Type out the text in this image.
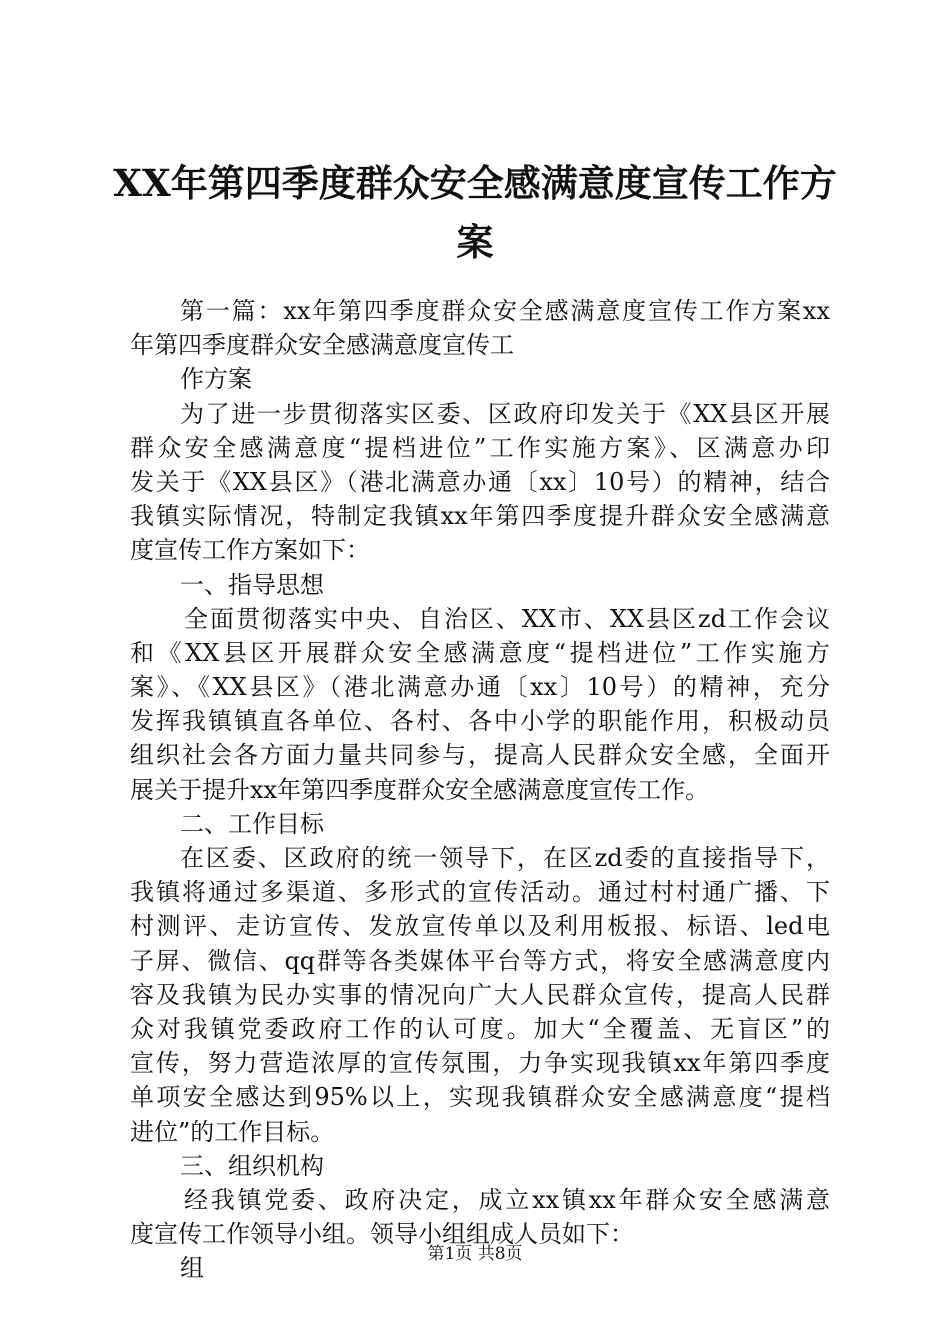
XX年第四季度群众安全感满意度宣传工作方
案
第一篇：xx年第四季度群众安全感满意度宣传工作方案xx
年第四季度群众安全感满意度宣传工
作方案
为了进一步贯彻落实区委、区政府印发关于《XX县区开展
群众安全感满意度“提档进位”工作实施方案》、区满意办印
发关于《XX县区》（港北满意办通〔xx〕10号）的精神，结合
我镇实际情况，特制定我镇xx年第四季度提升群众安全感满意
度宣传工作方案如下：
一、指导思想
全面贯彻落实中央、自治区、XX市、XX县区zd工作会议
和《XX县区开展群众安全感满意度“提档进位”工作实施方
案》、《XX县区》（港北满意办通〔xx〕10号）的精神，充分
发挥我镇镇直各单位、各村、各中小学的职能作用，积极动员
组织社会各方面力量共同参与，提高人民群众安全感，全面开
展关于提升xx年第四季度群众安全感满意度宣传工作。
二、工作目标
在区委、区政府的统一领导下，在区zd委的直接指导下，
我镇将通过多渠道、多形式的宣传活动。通过村村通广播、下
村测评、走访宣传、发放宣传单以及利用板报、标语、led电
子屏、微信、qq群等各类媒体平台等方式，将安全感满意度内
容及我镇为民办实事的情况向广大人民群众宣传，提高人民群
众对我镇党委政府工作的认可度。加大“全覆盖、无盲区”的
宣传，努力营造浓厚的宣传氛围，力争实现我镇xx年第四季度
单项安全感达到95%以上，实现我镇群众安全感满意度“提档
进位”的工作目标。
三、组织机构
经我镇党委、政府决定，成立xx镇xx年群众安全感满意
度宣传工作领导小组。领导小组组成人员如下：
组
第1页 共8页
